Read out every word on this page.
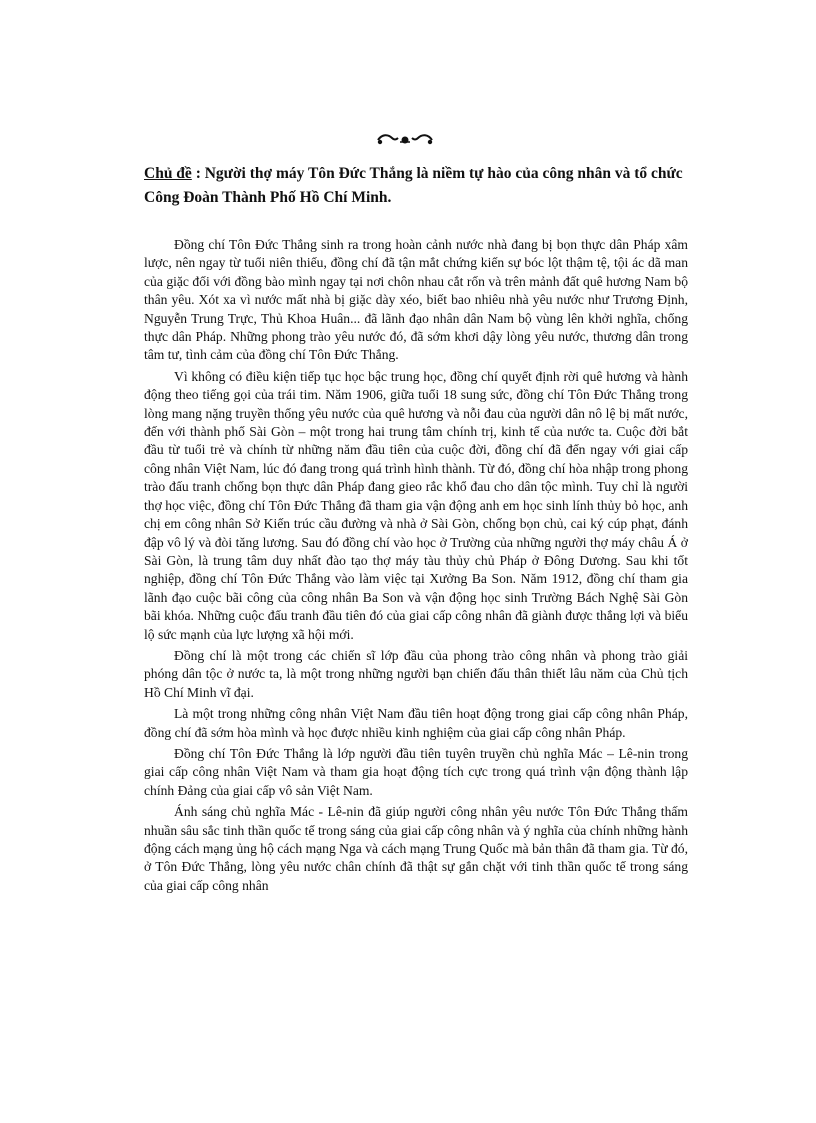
Chủ đề : Người thợ máy Tôn Đức Thắng là niềm tự hào của công nhân và tổ chức Công Đoàn Thành Phố Hồ Chí Minh.

Đồng chí Tôn Đức Thắng sinh ra trong hoàn cảnh nước nhà đang bị bọn thực dân Pháp xâm lược, nên ngay từ tuổi niên thiếu, đồng chí đã tận mắt chứng kiến sự bóc lột thậm tệ, tội ác dã man của giặc đối với đồng bào mình ngay tại nơi chôn nhau cắt rốn và trên mảnh đất quê hương Nam bộ thân yêu. Xót xa vì nước mất nhà bị giặc dày xéo, biết bao nhiêu nhà yêu nước như Trương Định, Nguyễn Trung Trực, Thủ Khoa Huân... đã lãnh đạo nhân dân Nam bộ vùng lên khởi nghĩa, chống thực dân Pháp. Những phong trào yêu nước đó, đã sớm khơi dậy lòng yêu nước, thương dân trong tâm tư, tình cảm của đồng chí Tôn Đức Thắng.

Vì không có điều kiện tiếp tục học bậc trung học, đồng chí quyết định rời quê hương và hành động theo tiếng gọi của trái tim. Năm 1906, giữa tuổi 18 sung sức, đồng chí Tôn Đức Thắng trong lòng mang nặng truyền thống yêu nước của quê hương và nỗi đau của người dân nô lệ bị mất nước, đến với thành phố Sài Gòn – một trong hai trung tâm chính trị, kinh tế của nước ta. Cuộc đời bắt đầu từ tuổi trẻ và chính từ những năm đầu tiên của cuộc đời, đồng chí đã đến ngay với giai cấp công nhân Việt Nam, lúc đó đang trong quá trình hình thành. Từ đó, đồng chí hòa nhập trong phong trào đấu tranh chống bọn thực dân Pháp đang gieo rắc khổ đau cho dân tộc mình. Tuy chỉ là người thợ học việc, đồng chí Tôn Đức Thắng đã tham gia vận động anh em học sinh lính thủy bỏ học, anh chị em công nhân Sở Kiến trúc cầu đường và nhà ở Sài Gòn, chống bọn chủ, cai ký cúp phạt, đánh đập vô lý và đòi tăng lương. Sau đó đồng chí vào học ở Trường của những người thợ máy châu Á ở Sài Gòn, là trung tâm duy nhất đào tạo thợ máy tàu thủy chủ Pháp ở Đông Dương. Sau khi tốt nghiệp, đồng chí Tôn Đức Thắng vào làm việc tại Xưởng Ba Son. Năm 1912, đồng chí tham gia lãnh đạo cuộc bãi công của công nhân Ba Son và vận động học sinh Trường Bách Nghệ Sài Gòn bãi khóa. Những cuộc đấu tranh đầu tiên đó của giai cấp công nhân đã giành được thắng lợi và biểu lộ sức mạnh của lực lượng xã hội mới.

Đồng chí là một trong các chiến sĩ lớp đầu của phong trào công nhân và phong trào giải phóng dân tộc ở nước ta, là một trong những người bạn chiến đấu thân thiết lâu năm của Chủ tịch Hồ Chí Minh vĩ đại.

Là một trong những công nhân Việt Nam đầu tiên hoạt động trong giai cấp công nhân Pháp, đồng chí đã sớm hòa mình và học được nhiều kinh nghiệm của giai cấp công nhân Pháp.

Đồng chí Tôn Đức Thắng là lớp người đầu tiên tuyên truyền chủ nghĩa Mác – Lê-nin trong giai cấp công nhân Việt Nam và tham gia hoạt động tích cực trong quá trình vận động thành lập chính Đảng của giai cấp vô sản Việt Nam.

Ánh sáng chủ nghĩa Mác - Lê-nin đã giúp người công nhân yêu nước Tôn Đức Thắng thấm nhuần sâu sắc tinh thần quốc tế trong sáng của giai cấp công nhân và ý nghĩa của chính những hành động cách mạng ủng hộ cách mạng Nga và cách mạng Trung Quốc mà bản thân đã tham gia. Từ đó, ở Tôn Đức Thắng, lòng yêu nước chân chính đã thật sự gắn chặt với tinh thần quốc tế trong sáng của giai cấp công nhân
